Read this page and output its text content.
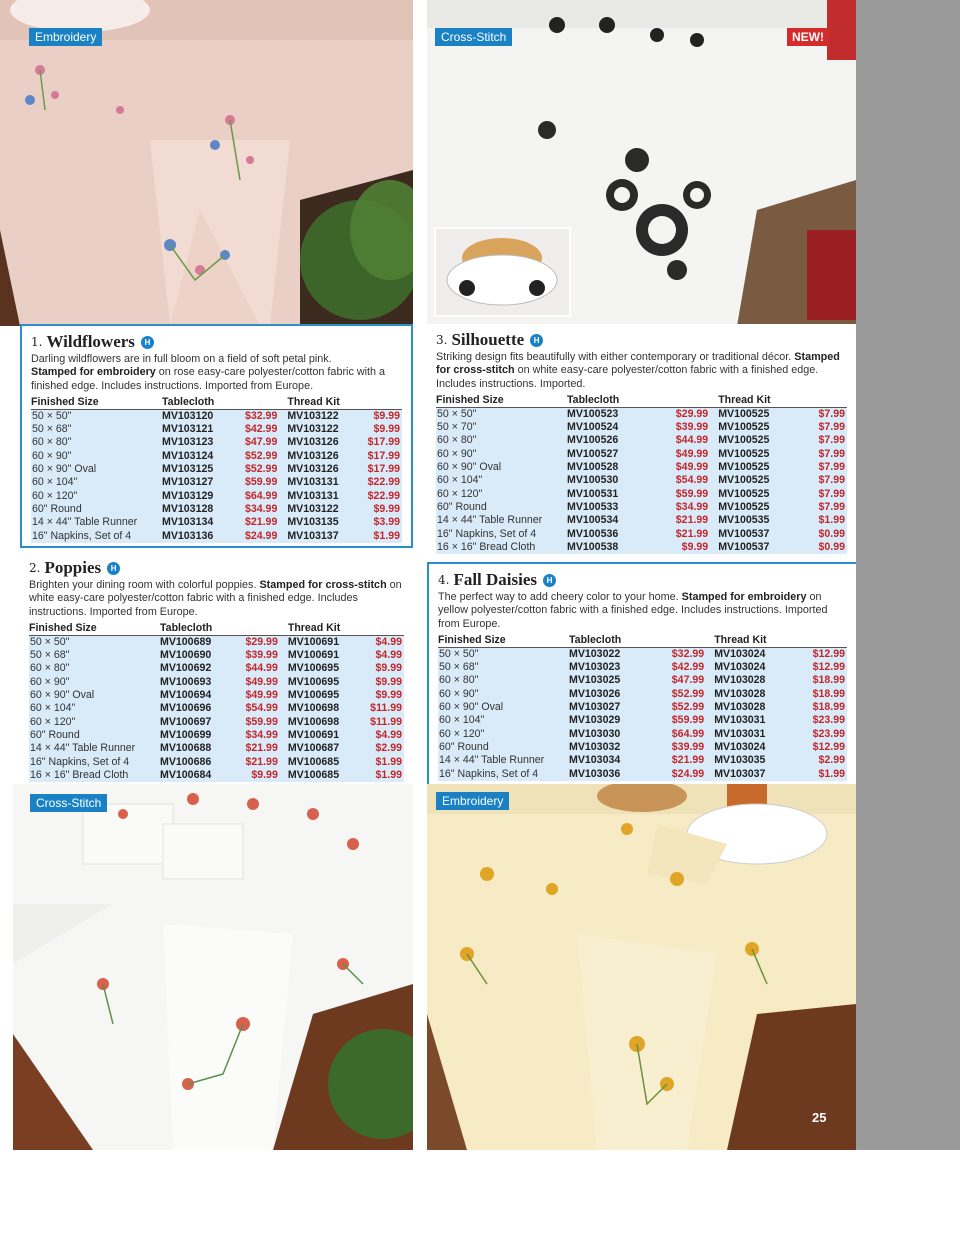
Embroidery	Cross-Stitch	NEW!
1. Wildflowers	H

Darling wildflowers are in full bloom on a field of soft petal pink.
Stamped for embroidery on rose easy-care polyester/cotton fabric with a finished edge. Includes instructions. Imported from Europe.

Finished Size	Tablecloth		Thread Kit	
50 × 50"	MV103120	$32.99	MV103122	$9.99
50 × 68"	MV103121	$42.99	MV103122	$9.99
60 × 80"	MV103123	$47.99	MV103126	$17.99
60 × 90"	MV103124	$52.99	MV103126	$17.99
60 × 90" Oval	MV103125	$52.99	MV103126	$17.99
60 × 104"	MV103127	$59.99	MV103131	$22.99
60 × 120"	MV103129	$64.99	MV103131	$22.99
60" Round	MV103128	$34.99	MV103122	$9.99
14 × 44" Table Runner	MV103134	$21.99	MV103135	$3.99
16" Napkins, Set of 4	MV103136	$24.99	MV103137	$1.99
2. Poppies	H

Brighten your dining room with colorful poppies. Stamped for cross-stitch on white easy-care polyester/cotton fabric with a finished edge. Includes instructions. Imported from Europe.

Finished Size	Tablecloth		Thread Kit	
50 × 50"	MV100689	$29.99	MV100691	$4.99
50 × 68"	MV100690	$39.99	MV100691	$4.99
60 × 80"	MV100692	$44.99	MV100695	$9.99
60 × 90"	MV100693	$49.99	MV100695	$9.99
60 × 90" Oval	MV100694	$49.99	MV100695	$9.99
60 × 104"	MV100696	$54.99	MV100698	$11.99
60 × 120"	MV100697	$59.99	MV100698	$11.99
60" Round	MV100699	$34.99	MV100691	$4.99
14 × 44" Table Runner	MV100688	$21.99	MV100687	$2.99
16" Napkins, Set of 4	MV100686	$21.99	MV100685	$1.99
16 × 16" Bread Cloth	MV100684	$9.99	MV100685	$1.99
3. Silhouette	H

Striking design fits beautifully with either contemporary or traditional décor. Stamped for cross-stitch on white easy-care polyester/cotton fabric with a finished edge. Includes instructions. Imported.

Finished Size	Tablecloth		Thread Kit	
50 × 50"	MV100523	$29.99	MV100525	$7.99
50 × 70"	MV100524	$39.99	MV100525	$7.99
60 × 80"	MV100526	$44.99	MV100525	$7.99
60 × 90"	MV100527	$49.99	MV100525	$7.99
60 × 90" Oval	MV100528	$49.99	MV100525	$7.99
60 × 104"	MV100530	$54.99	MV100525	$7.99
60 × 120"	MV100531	$59.99	MV100525	$7.99
60" Round	MV100533	$34.99	MV100525	$7.99
14 × 44" Table Runner	MV100534	$21.99	MV100535	$1.99
16" Napkins, Set of 4	MV100536	$21.99	MV100537	$0.99
16 × 16" Bread Cloth	MV100538	$9.99	MV100537	$0.99
4. Fall Daisies	H

The perfect way to add cheery color to your home. Stamped for embroidery on yellow polyester/cotton fabric with a finished edge. Includes instructions. Imported from Europe.

Finished Size	Tablecloth		Thread Kit	
50 × 50"	MV103022	$32.99	MV103024	$12.99
50 × 68"	MV103023	$42.99	MV103024	$12.99
60 × 80"	MV103025	$47.99	MV103028	$18.99
60 × 90"	MV103026	$52.99	MV103028	$18.99
60 × 90" Oval	MV103027	$52.99	MV103028	$18.99
60 × 104"	MV103029	$59.99	MV103031	$23.99
60 × 120"	MV103030	$64.99	MV103031	$23.99
60" Round	MV103032	$39.99	MV103024	$12.99
14 × 44" Table Runner	MV103034	$21.99	MV103035	$2.99
16" Napkins, Set of 4	MV103036	$24.99	MV103037	$1.99
Cross-Stitch	Embroidery
25
